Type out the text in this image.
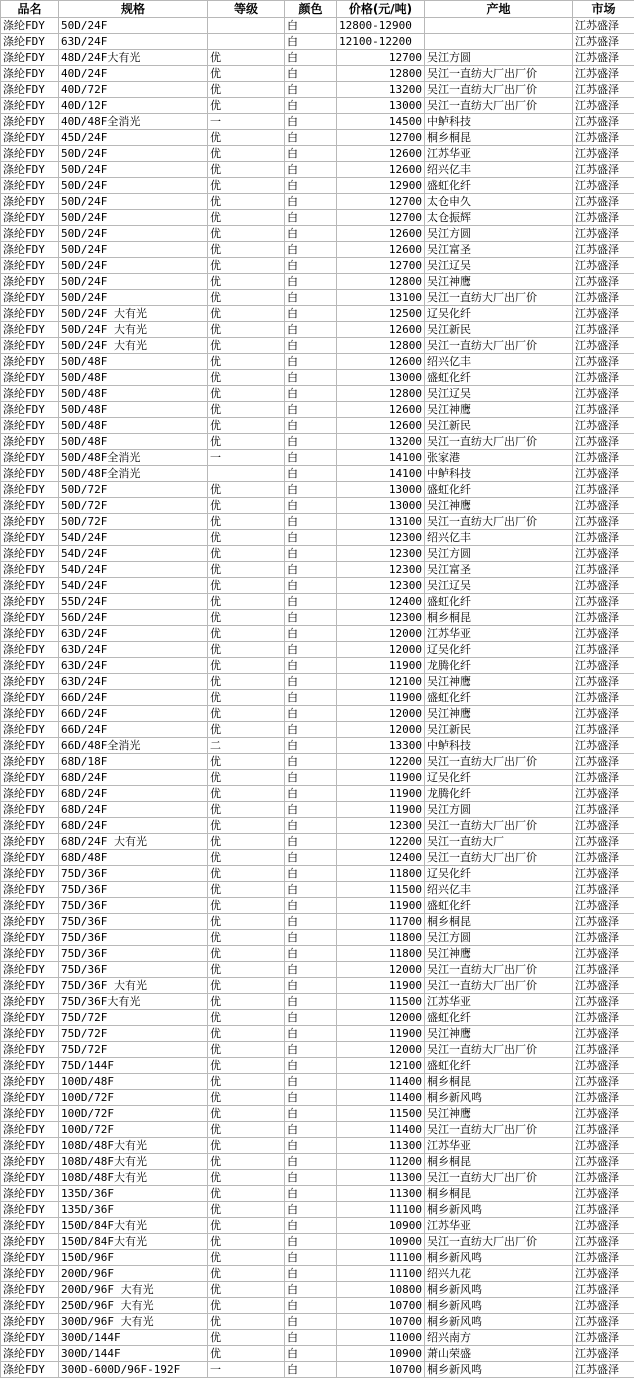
品名	规格	等级	颜色	价格(元/吨)	产地	市场
涤纶FDY	50D/24F		白	12800-12900		江苏盛泽
涤纶FDY	63D/24F		白	12100-12200		江苏盛泽
涤纶FDY	48D/24F大有光	优	白	12700	吴江方圆	江苏盛泽
涤纶FDY	40D/24F	优	白	12800	吴江一直纺大厂出厂价	江苏盛泽
涤纶FDY	40D/72F	优	白	13200	吴江一直纺大厂出厂价	江苏盛泽
涤纶FDY	40D/12F	优	白	13000	吴江一直纺大厂出厂价	江苏盛泽
涤纶FDY	40D/48F全消光	一	白	14500	中鲈科技	江苏盛泽
涤纶FDY	45D/24F	优	白	12700	桐乡桐昆	江苏盛泽
涤纶FDY	50D/24F	优	白	12600	江苏华亚	江苏盛泽
涤纶FDY	50D/24F	优	白	12600	绍兴亿丰	江苏盛泽
涤纶FDY	50D/24F	优	白	12900	盛虹化纤	江苏盛泽
涤纶FDY	50D/24F	优	白	12700	太仓申久	江苏盛泽
涤纶FDY	50D/24F	优	白	12700	太仓振辉	江苏盛泽
涤纶FDY	50D/24F	优	白	12600	吴江方圆	江苏盛泽
涤纶FDY	50D/24F	优	白	12600	吴江富圣	江苏盛泽
涤纶FDY	50D/24F	优	白	12700	吴江辽吴	江苏盛泽
涤纶FDY	50D/24F	优	白	12800	吴江神鹰	江苏盛泽
涤纶FDY	50D/24F	优	白	13100	吴江一直纺大厂出厂价	江苏盛泽
涤纶FDY	50D/24F 大有光	优	白	12500	辽吴化纤	江苏盛泽
涤纶FDY	50D/24F 大有光	优	白	12600	吴江新民	江苏盛泽
涤纶FDY	50D/24F 大有光	优	白	12800	吴江一直纺大厂出厂价	江苏盛泽
涤纶FDY	50D/48F	优	白	12600	绍兴亿丰	江苏盛泽
涤纶FDY	50D/48F	优	白	13000	盛虹化纤	江苏盛泽
涤纶FDY	50D/48F	优	白	12800	吴江辽吴	江苏盛泽
涤纶FDY	50D/48F	优	白	12600	吴江神鹰	江苏盛泽
涤纶FDY	50D/48F	优	白	12600	吴江新民	江苏盛泽
涤纶FDY	50D/48F	优	白	13200	吴江一直纺大厂出厂价	江苏盛泽
涤纶FDY	50D/48F全消光	一	白	14100	张家港	江苏盛泽
涤纶FDY	50D/48F全消光		白	14100	中鲈科技	江苏盛泽
涤纶FDY	50D/72F	优	白	13000	盛虹化纤	江苏盛泽
涤纶FDY	50D/72F	优	白	13000	吴江神鹰	江苏盛泽
涤纶FDY	50D/72F	优	白	13100	吴江一直纺大厂出厂价	江苏盛泽
涤纶FDY	54D/24F	优	白	12300	绍兴亿丰	江苏盛泽
涤纶FDY	54D/24F	优	白	12300	吴江方圆	江苏盛泽
涤纶FDY	54D/24F	优	白	12300	吴江富圣	江苏盛泽
涤纶FDY	54D/24F	优	白	12300	吴江辽吴	江苏盛泽
涤纶FDY	55D/24F	优	白	12400	盛虹化纤	江苏盛泽
涤纶FDY	56D/24F	优	白	12300	桐乡桐昆	江苏盛泽
涤纶FDY	63D/24F	优	白	12000	江苏华亚	江苏盛泽
涤纶FDY	63D/24F	优	白	12000	辽吴化纤	江苏盛泽
涤纶FDY	63D/24F	优	白	11900	龙腾化纤	江苏盛泽
涤纶FDY	63D/24F	优	白	12100	吴江神鹰	江苏盛泽
涤纶FDY	66D/24F	优	白	11900	盛虹化纤	江苏盛泽
涤纶FDY	66D/24F	优	白	12000	吴江神鹰	江苏盛泽
涤纶FDY	66D/24F	优	白	12000	吴江新民	江苏盛泽
涤纶FDY	66D/48F全消光	二	白	13300	中鲈科技	江苏盛泽
涤纶FDY	68D/18F	优	白	12200	吴江一直纺大厂出厂价	江苏盛泽
涤纶FDY	68D/24F	优	白	11900	辽吴化纤	江苏盛泽
涤纶FDY	68D/24F	优	白	11900	龙腾化纤	江苏盛泽
涤纶FDY	68D/24F	优	白	11900	吴江方圆	江苏盛泽
涤纶FDY	68D/24F	优	白	12300	吴江一直纺大厂出厂价	江苏盛泽
涤纶FDY	68D/24F 大有光	优	白	12200	吴江一直纺大厂	江苏盛泽
涤纶FDY	68D/48F	优	白	12400	吴江一直纺大厂出厂价	江苏盛泽
涤纶FDY	75D/36F	优	白	11800	辽吴化纤	江苏盛泽
涤纶FDY	75D/36F	优	白	11500	绍兴亿丰	江苏盛泽
涤纶FDY	75D/36F	优	白	11900	盛虹化纤	江苏盛泽
涤纶FDY	75D/36F	优	白	11700	桐乡桐昆	江苏盛泽
涤纶FDY	75D/36F	优	白	11800	吴江方圆	江苏盛泽
涤纶FDY	75D/36F	优	白	11800	吴江神鹰	江苏盛泽
涤纶FDY	75D/36F	优	白	12000	吴江一直纺大厂出厂价	江苏盛泽
涤纶FDY	75D/36F 大有光	优	白	11900	吴江一直纺大厂出厂价	江苏盛泽
涤纶FDY	75D/36F大有光	优	白	11500	江苏华亚	江苏盛泽
涤纶FDY	75D/72F	优	白	12000	盛虹化纤	江苏盛泽
涤纶FDY	75D/72F	优	白	11900	吴江神鹰	江苏盛泽
涤纶FDY	75D/72F	优	白	12000	吴江一直纺大厂出厂价	江苏盛泽
涤纶FDY	75D/144F	优	白	12100	盛虹化纤	江苏盛泽
涤纶FDY	100D/48F	优	白	11400	桐乡桐昆	江苏盛泽
涤纶FDY	100D/72F	优	白	11400	桐乡新风鸣	江苏盛泽
涤纶FDY	100D/72F	优	白	11500	吴江神鹰	江苏盛泽
涤纶FDY	100D/72F	优	白	11400	吴江一直纺大厂出厂价	江苏盛泽
涤纶FDY	108D/48F大有光	优	白	11300	江苏华亚	江苏盛泽
涤纶FDY	108D/48F大有光	优	白	11200	桐乡桐昆	江苏盛泽
涤纶FDY	108D/48F大有光	优	白	11300	吴江一直纺大厂出厂价	江苏盛泽
涤纶FDY	135D/36F	优	白	11300	桐乡桐昆	江苏盛泽
涤纶FDY	135D/36F	优	白	11100	桐乡新风鸣	江苏盛泽
涤纶FDY	150D/84F大有光	优	白	10900	江苏华亚	江苏盛泽
涤纶FDY	150D/84F大有光	优	白	10900	吴江一直纺大厂出厂价	江苏盛泽
涤纶FDY	150D/96F	优	白	11100	桐乡新风鸣	江苏盛泽
涤纶FDY	200D/96F	优	白	11100	绍兴九花	江苏盛泽
涤纶FDY	200D/96F 大有光	优	白	10800	桐乡新风鸣	江苏盛泽
涤纶FDY	250D/96F 大有光	优	白	10700	桐乡新风鸣	江苏盛泽
涤纶FDY	300D/96F 大有光	优	白	10700	桐乡新风鸣	江苏盛泽
涤纶FDY	300D/144F	优	白	11000	绍兴南方	江苏盛泽
涤纶FDY	300D/144F	优	白	10900	萧山荣盛	江苏盛泽
涤纶FDY	300D-600D/96F-192F	一	白	10700	桐乡新风鸣	江苏盛泽
